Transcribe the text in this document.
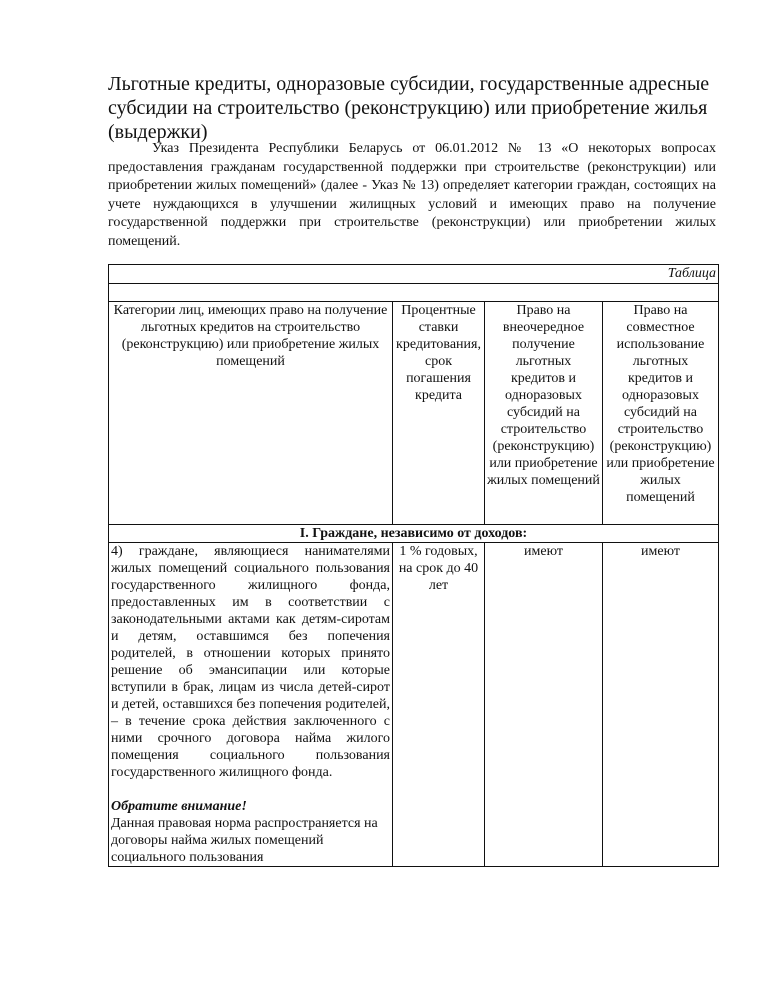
Льготные кредиты, одноразовые субсидии, государственные адресные субсидии на строительство (реконструкцию) или приобретение жилья (выдержки)

Указ Президента Республики Беларусь от 06.01.2012 № 13 «О некоторых вопросах предоставления гражданам государственной поддержки при строительстве (реконструкции) или приобретении жилых помещений» (далее - Указ № 13) определяет категории граждан, состоящих на учете нуждающихся в улучшении жилищных условий и имеющих право на получение государственной поддержки при строительстве (реконструкции) или приобретении жилых помещений.

Таблица			

Категории лиц, имеющих право на получение льготных кредитов на строительство (реконструкцию) или приобретение жилых помещений	Процентные ставки кредитования, срок погашения кредита	Право на внеочередное получение льготных кредитов и одноразовых субсидий на строительство (реконструкцию) или приобретение жилых помещений	Право на совместное использование льготных кредитов и одноразовых субсидий на строительство (реконструкцию) или приобретение жилых помещений
I. Граждане, независимо от доходов:			
4) граждане, являющиеся нанимателями жилых помещений социального пользования государственного жилищного фонда, предоставленных им в соответствии с законодательными актами как детям-сиротам и детям, оставшимся без попечения родителей, в отношении которых принято решение об эмансипации или которые вступили в брак, лицам из числа детей-сирот и детей, оставшихся без попечения родителей, – в течение срока действия заключенного с ними срочного договора найма жилого помещения социального пользования государственного жилищного фонда.
Обратите внимание!
Данная правовая норма распространяется на договоры найма жилых помещений социального пользования	1 % годовых, на срок до 40 лет	имеют	имеют
